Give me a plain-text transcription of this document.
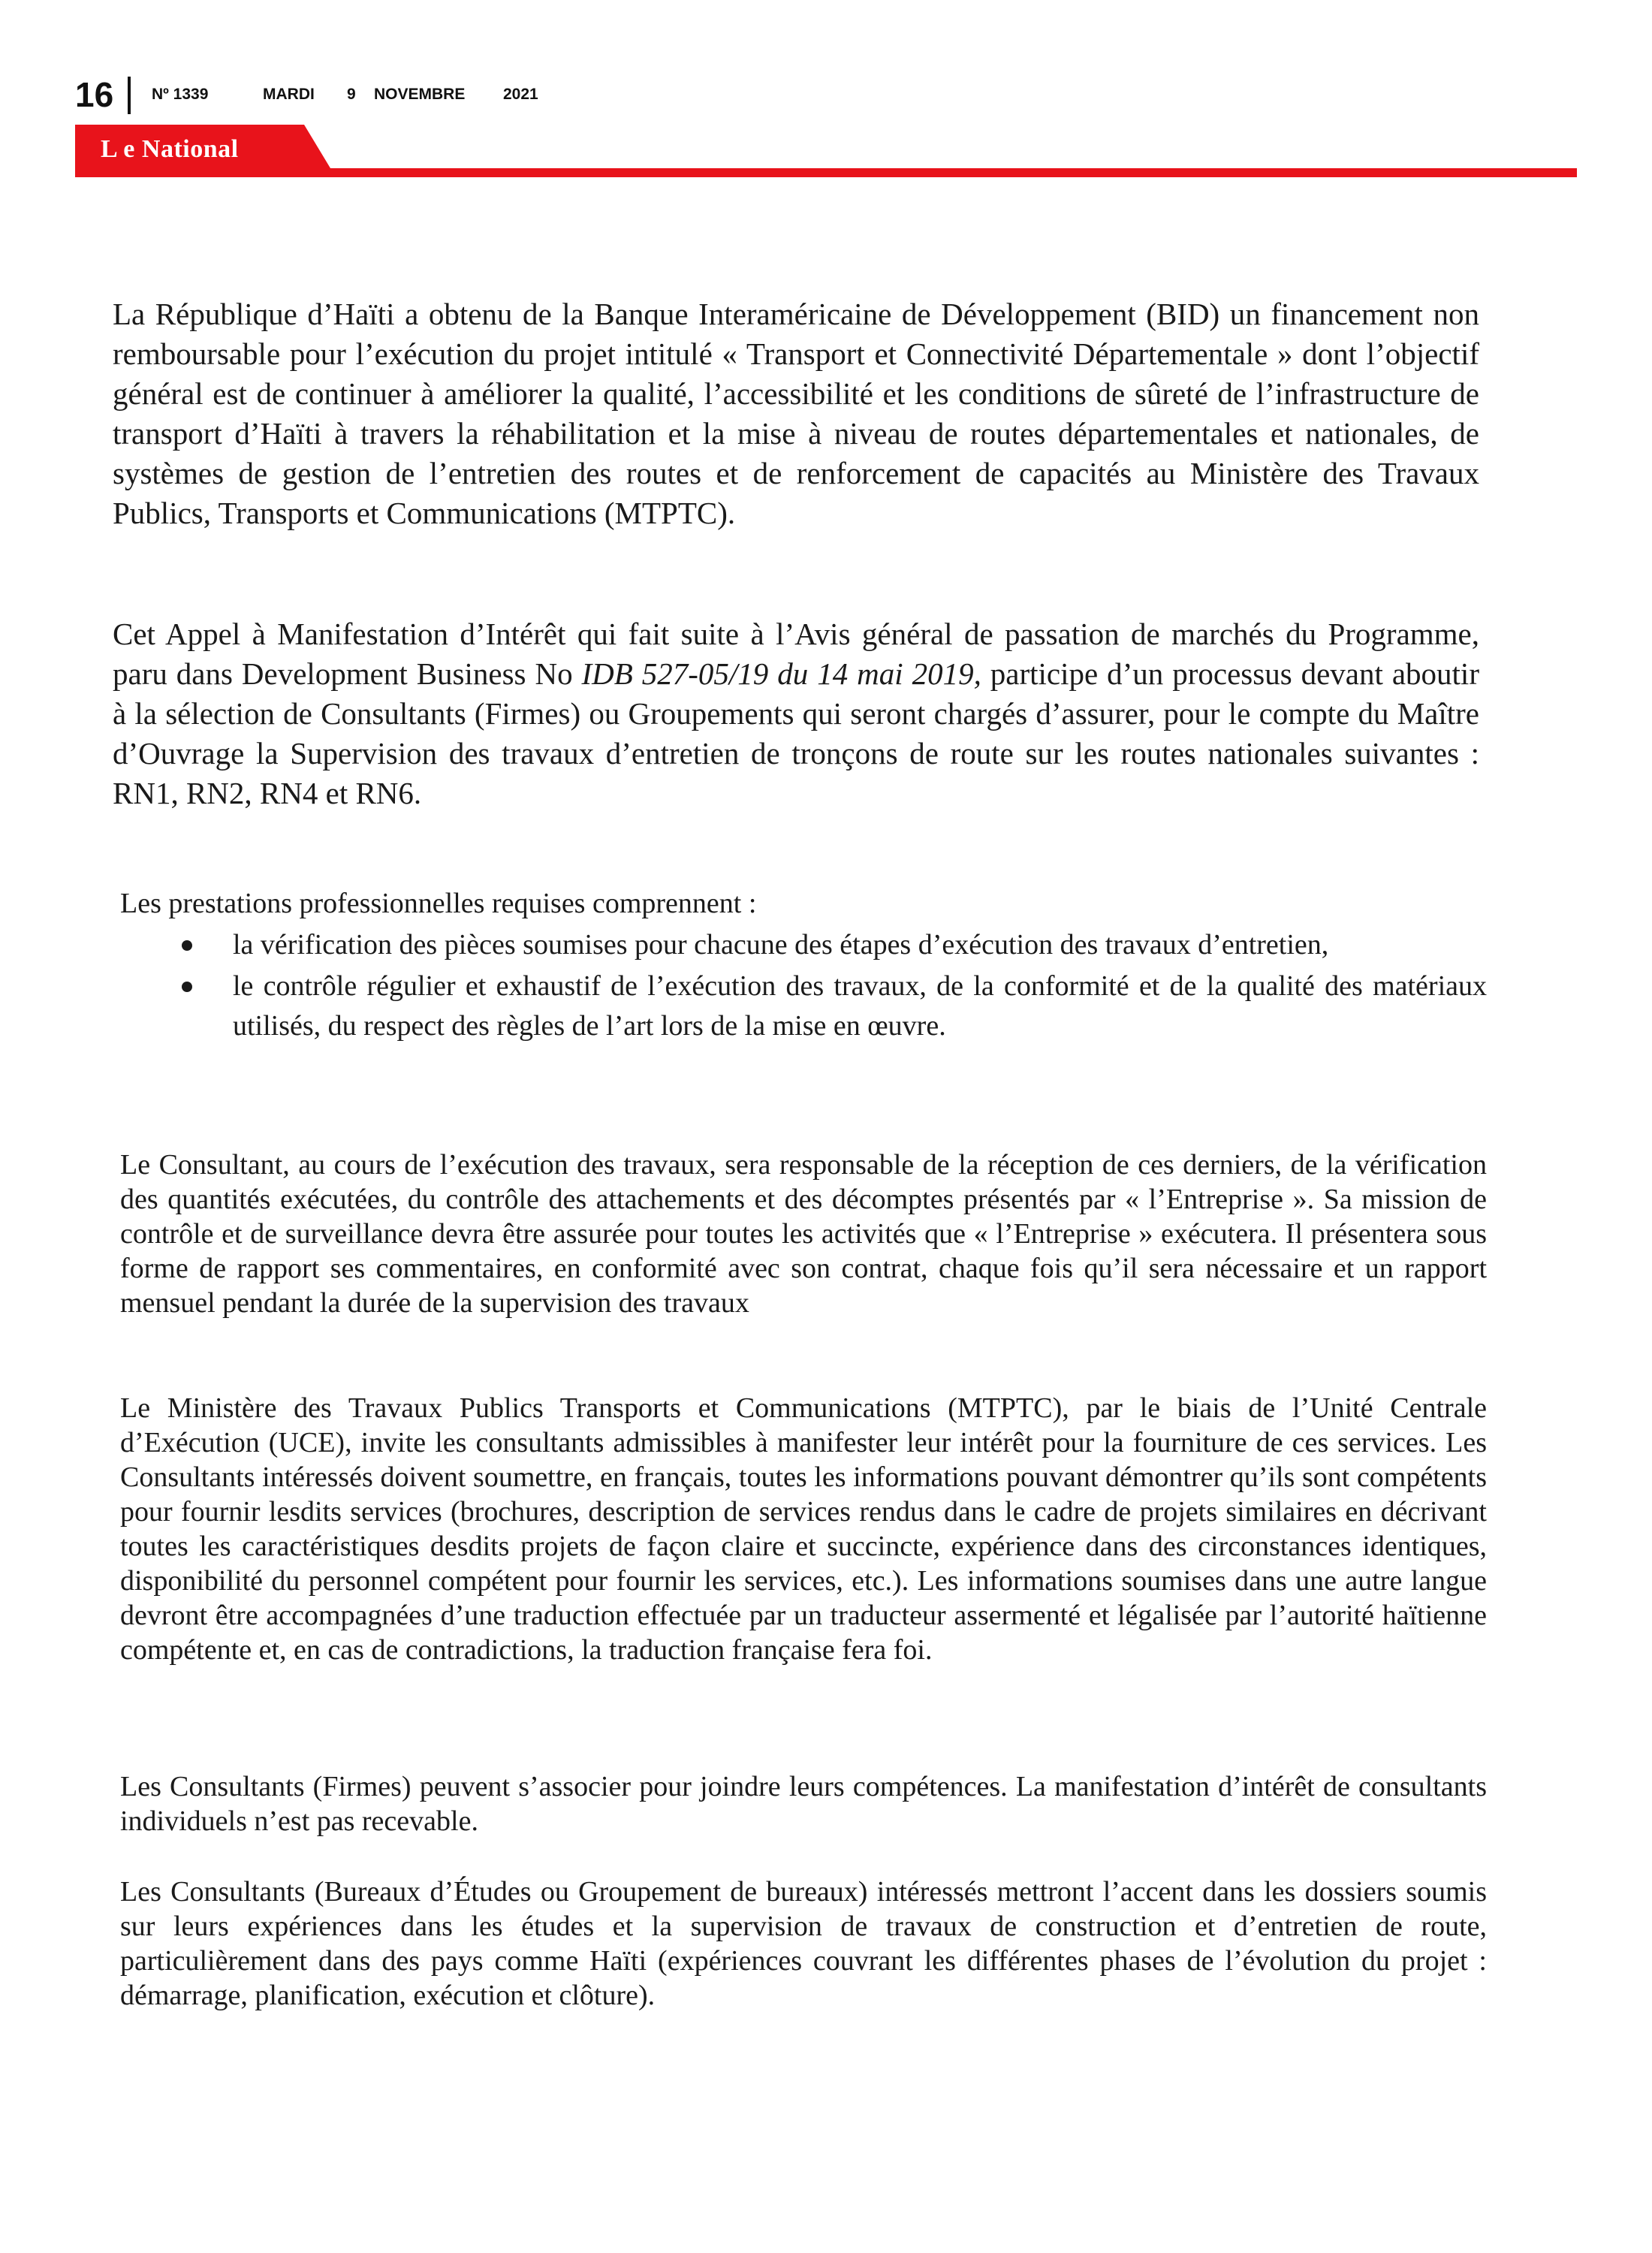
16 Nº 1339	MARDI 9 NOVEMBRE 2021
L e National

La République d’Haïti a obtenu de la Banque Interaméricaine de Développement (BID) un financement non remboursable pour l’exécution du projet intitulé « Transport et Connectivité Départementale » dont l’objectif général est de continuer à améliorer la qualité, l’accessibilité et les conditions de sûreté de l’infrastructure de transport d’Haïti à travers la réhabilitation et la mise à niveau de routes départementales et nationales, de systèmes de gestion de l’entretien des routes et de renforcement de capacités au Ministère des Travaux Publics, Transports et Communications (MTPTC).

Cet Appel à Manifestation d’Intérêt qui fait suite à l’Avis général de passation de marchés du Programme, paru dans Development Business No IDB 527-05/19 du 14 mai 2019, participe d’un processus devant aboutir à la sélection de Consultants (Firmes) ou Groupements qui seront chargés d’assurer, pour le compte du Maître d’Ouvrage la Supervision des travaux d’entretien de tronçons de route sur les routes nationales suivantes : RN1, RN2, RN4 et RN6.

Les prestations professionnelles requises comprennent :

la vérification des pièces soumises pour chacune des étapes d’exécution des travaux d’entretien,
le contrôle régulier et exhaustif de l’exécution des travaux, de la conformité et de la qualité des matériaux utilisés, du respect des règles de l’art lors de la mise en œuvre.

Le Consultant, au cours de l’exécution des travaux, sera responsable de la réception de ces derniers, de la vérification des quantités exécutées, du contrôle des attachements et des décomptes présentés par « l’Entreprise ». Sa mission de contrôle et de surveillance devra être assurée pour toutes les activités que « l’Entreprise » exécutera. Il présentera sous forme de rapport ses commentaires, en conformité avec son contrat, chaque fois qu’il sera nécessaire et un rapport mensuel pendant la durée de la supervision des travaux

Le Ministère des Travaux Publics Transports et Communications (MTPTC), par le biais de l’Unité Centrale d’Exécution (UCE), invite les consultants admissibles à manifester leur intérêt pour la fourniture de ces services. Les Consultants intéressés doivent soumettre, en français, toutes les informations pouvant démontrer qu’ils sont compétents pour fournir lesdits services (brochures, description de services rendus dans le cadre de projets similaires en décrivant toutes les caractéristiques desdits projets de façon claire et succincte, expérience dans des circonstances identiques, disponibilité du personnel compétent pour fournir les services, etc.). Les informations soumises dans une autre langue devront être accompagnées d’une traduction effectuée par un traducteur assermenté et légalisée par l’autorité haïtienne compétente et, en cas de contradictions, la traduction française fera foi.

Les Consultants (Firmes) peuvent s’associer pour joindre leurs compétences. La manifestation d’intérêt de consultants individuels n’est pas recevable.

Les Consultants (Bureaux d’Études ou Groupement de bureaux) intéressés mettront l’accent dans les dossiers soumis sur leurs expériences dans les études et la supervision de travaux de construction et d’entretien de route, particulièrement dans des pays comme Haïti (expériences couvrant les différentes phases de l’évolution du projet : démarrage, planification, exécution et clôture).
